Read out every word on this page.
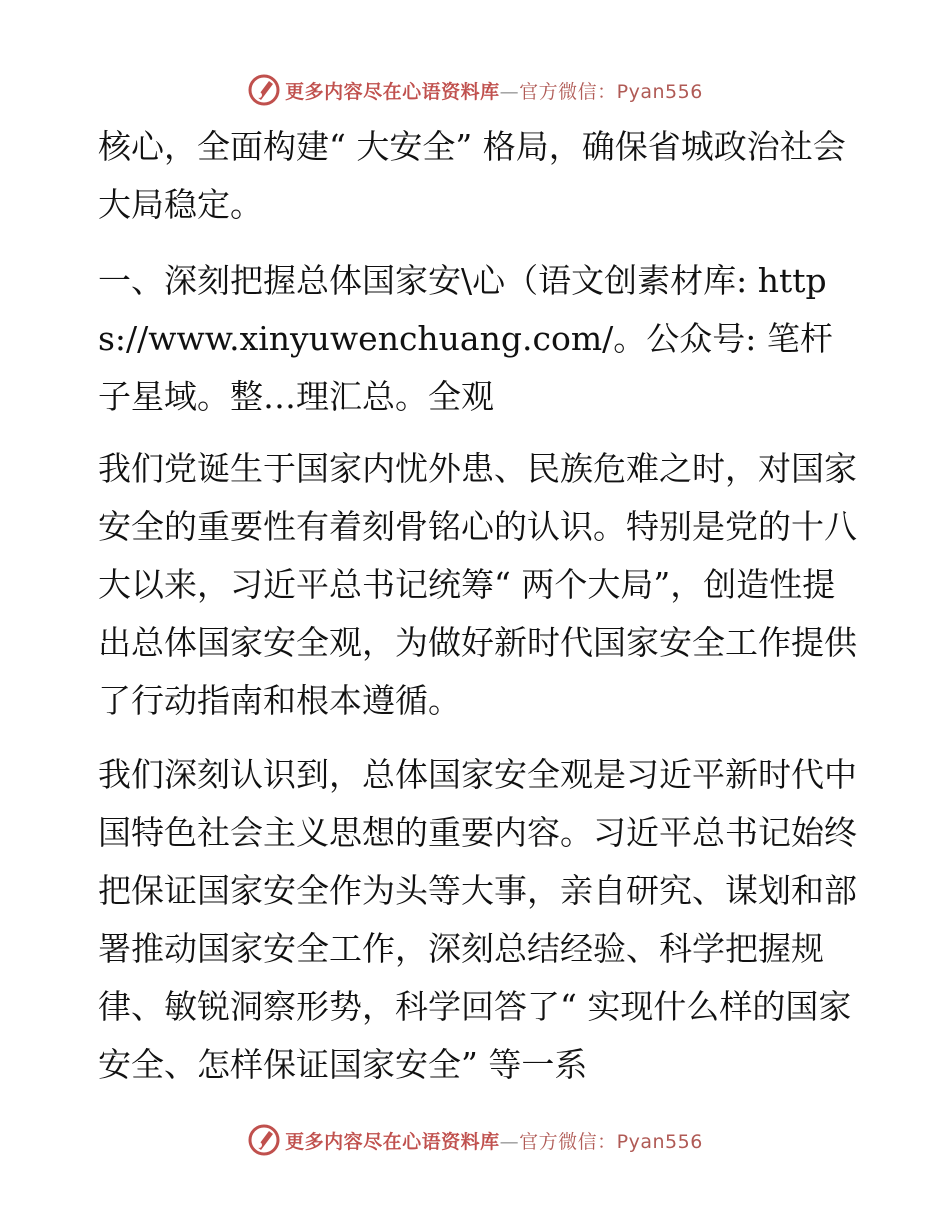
更多内容尽在心语资料库—官方微信：Pyan556

核心，全面构建“ 大安全” 格局，确保省城政治社会大局稳定。

一、深刻把握总体国家安\心（语文创素材库: https://www.xinyuwenchuang.com/。公众号: 笔杆子星域。整…理汇总。全观

我们党诞生于国家内忧外患、民族危难之时，对国家安全的重要性有着刻骨铭心的认识。特别是党的十八大以来，习近平总书记统筹“ 两个大局”，创造性提出总体国家安全观，为做好新时代国家安全工作提供了行动指南和根本遵循。

我们深刻认识到，总体国家安全观是习近平新时代中国特色社会主义思想的重要内容。习近平总书记始终把保证国家安全作为头等大事，亲自研究、谋划和部署推动国家安全工作，深刻总结经验、科学把握规律、敏锐洞察形势，科学回答了“ 实现什么样的国家安全、怎样保证国家安全” 等一系

更多内容尽在心语资料库—官方微信：Pyan556
